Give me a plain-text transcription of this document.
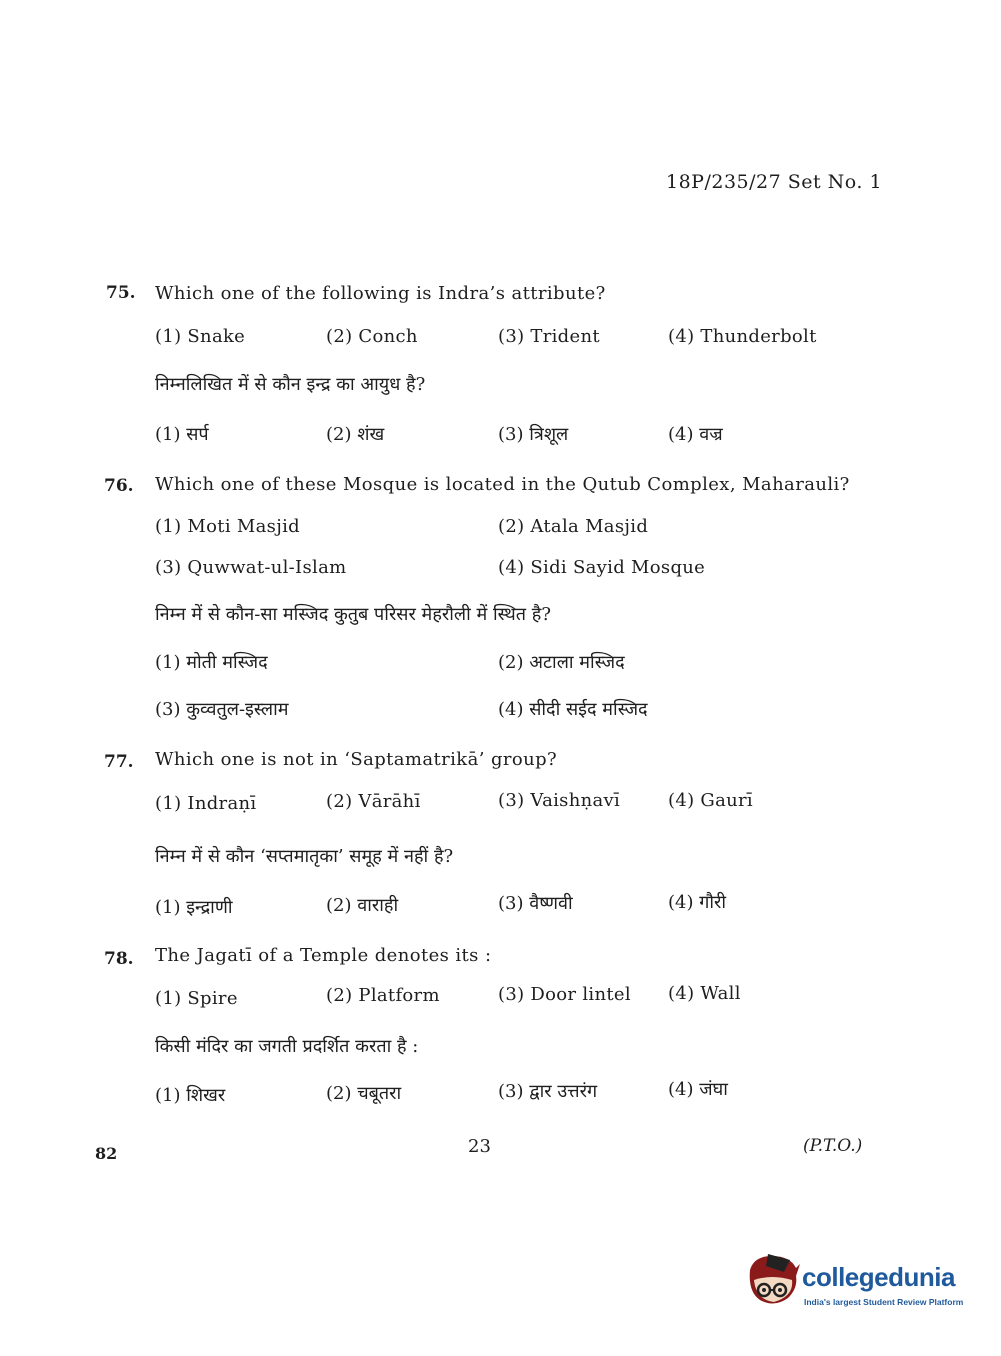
18P/235/27 Set No. 1
75. Which one of the following is Indra’s attribute?
(1) Snake	(2) Conch	(3) Trident	(4) Thunderbolt
निम्नलिखित में से कौन इन्द्र का आयुध है?
(1) सर्प	(2) शंख	(3) त्रिशूल	(4) वज्र
76. Which one of these Mosque is located in the Qutub Complex, Maharauli?
(1) Moti Masjid	(2) Atala Masjid
(3) Quwwat-ul-Islam	(4) Sidi Sayid Mosque
निम्न में से कौन-सा मस्जिद कुतुब परिसर मेहरौली में स्थित है?
(1) मोती मस्जिद	(2) अटाला मस्जिद
(3) कुव्वतुल-इस्लाम	(4) सीदी सईद मस्जिद
77. Which one is not in ‘Saptamatrikā’ group?
(1) Indraṇī	(2) Vārāhī	(3) Vaishṇavī	(4) Gaurī
निम्न में से कौन ‘सप्तमातृका’ समूह में नहीं है?
(1) इन्द्राणी	(2) वाराही	(3) वैष्णवी	(4) गौरी
78. The Jagatī of a Temple denotes its :
(1) Spire	(2) Platform	(3) Door lintel (4) Wall
किसी मंदिर का जगती प्रदर्शित करता है :
(1) शिखर	(2) चबूतरा	(3) द्वार उत्तरंग	(4) जंघा
82	23	(P.T.O.)
collegedunia
India's largest Student Review Platform
